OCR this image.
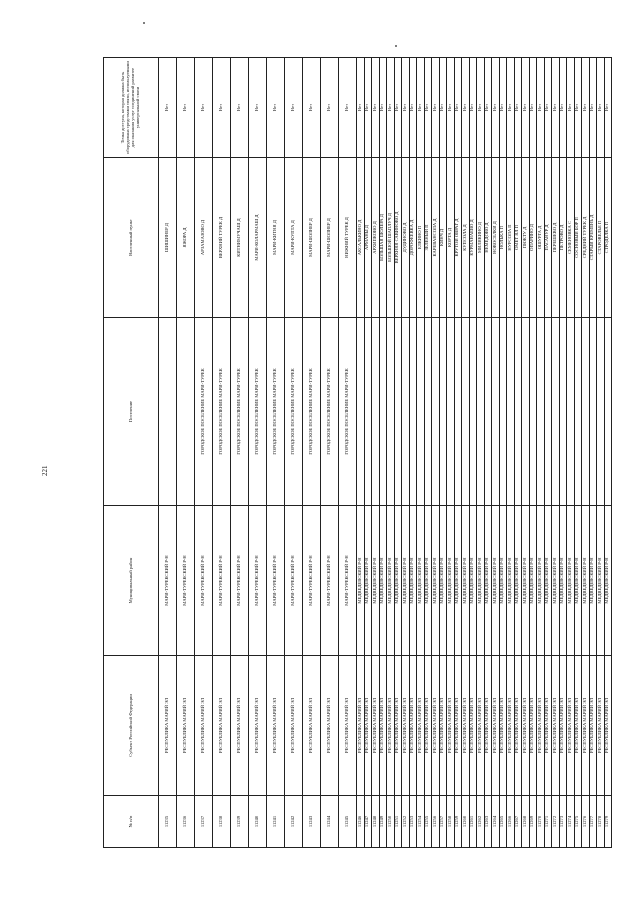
221
№ п/п	Субъект Российской Федерации	Муниципальный район	Поселение	Населенный пункт	Точка доступа, которая должна быть оборудована средствами связи, используемыми для оказания услуг соединений развитее универсальной связи
11235	РЕСПУБЛИКА МАРИЙ ЭЛ	МАРИ-ТУРЕКСКИЙ Р-Н		ШИШИНЕР Д	Нет
11236	РЕСПУБЛИКА МАРИЙ ЭЛ	МАРИ-ТУРЕКСКИЙ Р-Н		ЯЖОРА Д	Нет
11237	РЕСПУБЛИКА МАРИЙ ЭЛ	МАРИ-ТУРЕКСКИЙ Р-Н	ГОРОДСКОЕ ПОСЕЛЕНИЕ МАРИ-ТУРЕК	АРЗАМАЗОВО Д	Нет
11238	РЕСПУБЛИКА МАРИЙ ЭЛ	МАРИ-ТУРЕКСКИЙ Р-Н	ГОРОДСКОЕ ПОСЕЛЕНИЕ МАРИ-ТУРЕК	ВЕРХНИЙ ТУРЕК Д	Нет
11239	РЕСПУБЛИКА МАРИЙ ЭЛ	МАРИ-ТУРЕКСКИЙ Р-Н	ГОРОДСКОЕ ПОСЕЛЕНИЕ МАРИ-ТУРЕК	КИТНИМУЧАШ Д	Нет
11240	РЕСПУБЛИКА МАРИЙ ЭЛ	МАРИ-ТУРЕКСКИЙ Р-Н	ГОРОДСКОЕ ПОСЕЛЕНИЕ МАРИ-ТУРЕК	МАРИ-КОЛАРМАШ Д	Нет
11241	РЕСПУБЛИКА МАРИЙ ЭЛ	МАРИ-ТУРЕКСКИЙ Р-Н	ГОРОДСКОЕ ПОСЕЛЕНИЕ МАРИ-ТУРЕК	МАРИ-КИТНЯ Д	Нет
11242	РЕСПУБЛИКА МАРИЙ ЭЛ	МАРИ-ТУРЕКСКИЙ Р-Н	ГОРОДСКОЕ ПОСЕЛЕНИЕ МАРИ-ТУРЕК	МАРИ-КУПТА Д	Нет
11243	РЕСПУБЛИКА МАРИЙ ЭЛ	МАРИ-ТУРЕКСКИЙ Р-Н	ГОРОДСКОЕ ПОСЕЛЕНИЕ МАРИ-ТУРЕК	МАРИ-ШОЛНЕР Д	Нет
11244	РЕСПУБЛИКА МАРИЙ ЭЛ	МАРИ-ТУРЕКСКИЙ Р-Н	ГОРОДСКОЕ ПОСЕЛЕНИЕ МАРИ-ТУРЕК	МАРИ-ШОЛНЕР Д	Нет
11245	РЕСПУБЛИКА МАРИЙ ЭЛ	МАРИ-ТУРЕКСКИЙ Р-Н	ГОРОДСКОЕ ПОСЕЛЕНИЕ МАРИ-ТУРЕК	НИЖНИЙ ТУРЕК Д	Нет
11246	РЕСПУБЛИКА МАРИЙ ЭЛ	МЕДВЕДЕВСКИЙ Р-Н		АКСАЛЬКИНО Д	Нет
11247	РЕСПУБЛИКА МАРИЙ ЭЛ	МЕДВЕДЕВСКИЙ Р-Н		АРМАНЫ Д	Нет
11248	РЕСПУБЛИКА МАРИЙ ЭЛ	МЕДВЕДЕВСКИЙ Р-Н		АРХИПКОВО Д	Нет
11249	РЕСПУБЛИКА МАРИЙ ЭЛ	МЕДВЕДЕВСКИЙ Р-Н		БОЛЬШАЯ ШОЛЕРА Д	Нет
11250	РЕСПУБЛИКА МАРИЙ ЭЛ	МЕДВЕДЕВСКИЙ Р-Н		БОЛЬШОЙ ШАПЛУЧ Д	Нет
11251	РЕСПУБЛИКА МАРИЙ ЭЛ	МЕДВЕДЕВСКИЙ Р-Н		ВЕРХНЯЯ САВИНОВО Д	Нет
11252	РЕСПУБЛИКА МАРИЙ ЭЛ	МЕДВЕДЕВСКИЙ Р-Н		ДУДИНОВО Д	Нет
11253	РЕСПУБЛИКА МАРИЙ ЭЛ	МЕДВЕДЕВСКИЙ Р-Н		ДОРОФЕЕВКА Д	Нет
11254	РЕСПУБЛИКА МАРИЙ ЭЛ	МЕДВЕДЕВСКИЙ Р-Н		ЕЛКИНО П	Нет
11255	РЕСПУБЛИКА МАРИЙ ЭЛ	МЕДВЕДЕВСКИЙ Р-Н		ЗЕЛЕНЫЙ П	Нет
11256	РЕСПУБЛИКА МАРИЙ ЭЛ	МЕДВЕДЕВСКИЙ Р-Н		КАРЕВАНСОЛА Д	Нет
11257	РЕСПУБЛИКА МАРИЙ ЭЛ	МЕДВЕДЕВСКИЙ Р-Н		КИНЧ Д	Нет
11258	РЕСПУБЛИКА МАРИЙ ЭЛ	МЕДВЕДЕВСКИЙ Р-Н		КОРТА Д	Нет
11259	РЕСПУБЛИКА МАРИЙ ЭЛ	МЕДВЕДЕВСКИЙ Р-Н		КРУТОЙ ОВРАГ Д	Нет
11260	РЕСПУБЛИКА МАРИЙ ЭЛ	МЕДВЕДЕВСКИЙ Р-Н		КУПСОЛА Д	Нет
11261	РЕСПУБЛИКА МАРИЙ ЭЛ	МЕДВЕДЕВСКИЙ Р-Н		КУРМАНАЕВО Д	Нет
11262	РЕСПУБЛИКА МАРИЙ ЭЛ	МЕДВЕДЕВСКИЙ Р-Н		МИЛЯКИНО Д	Нет
11263	РЕСПУБЛИКА МАРИЙ ЭЛ	МЕДВЕДЕВСКИЙ Р-Н		НЕМЕДОВО Д	Нет
11264	РЕСПУБЛИКА МАРИЙ ЭЛ	МЕДВЕДЕВСКИЙ Р-Н		НОВОСЕЛКИ Д	Нет
11265	РЕСПУБЛИКА МАРИЙ ЭЛ	МЕДВЕДЕВСКИЙ Р-Н		НОЛЬКА П	Нет
11266	РЕСПУБЛИКА МАРИЙ ЭЛ	МЕДВЕДЕВСКИЙ Р-Н		НУРСОЛА П	Нет
11267	РЕСПУБЛИКА МАРИЙ ЭЛ	МЕДВЕДЕВСКИЙ Р-Н		ОМЕТ ЯЛ П	Нет
11268	РЕСПУБЛИКА МАРИЙ ЭЛ	МЕДВЕДЕВСКИЙ Р-Н		ПЮКТУ Д	Нет
11269	РЕСПУБЛИКА МАРИЙ ЭЛ	МЕДВЕДЕВСКИЙ Р-Н		ОПАРИНО Д	Нет
11270	РЕСПУБЛИКА МАРИЙ ЭЛ	МЕДВЕДЕВСКИЙ Р-Н		ОШУРГА Д	Нет
11271	РЕСПУБЛИКА МАРИЙ ЭЛ	МЕДВЕДЕВСКИЙ Р-Н		ПАСАНУР Д	Нет
11272	РЕСПУБЛИКА МАРИЙ ЭЛ	МЕДВЕДЕВСКИЙ Р-Н		ПЕРЕШЕВО Д	Нет
11273	РЕСПУБЛИКА МАРИЙ ЭЛ	МЕДВЕДЕВСКИЙ Р-Н		ПЕТРОВО Д	Нет
11274	РЕСПУБЛИКА МАРИЙ ЭЛ	МЕДВЕДЕВСКИЙ Р-Н		СЕМЕНОВКА С	Нет
11275	РЕСПУБЛИКА МАРИЙ ЭЛ	МЕДВЕДЕВСКИЙ Р-Н		СОСНОВЫЙ БОР П	Нет
11276	РЕСПУБЛИКА МАРИЙ ЭЛ	МЕДВЕДЕВСКИЙ Р-Н		СРЕДНИЙ ТУРЕК Д	Нет
11277	РЕСПУБЛИКА МАРИЙ ЭЛ	МЕДВЕДЕВСКИЙ Р-Н		СТАРЫЙ КРЕМЕНЬ Д	Нет
11278	РЕСПУБЛИКА МАРИЙ ЭЛ	МЕДВЕДЕВСКИЙ Р-Н		СТАРОВЕЛЬЕ П	Нет
11279	РЕСПУБЛИКА МАРИЙ ЭЛ	МЕДВЕДЕВСКИЙ Р-Н		СТРОДЕЛКА П	Нет
